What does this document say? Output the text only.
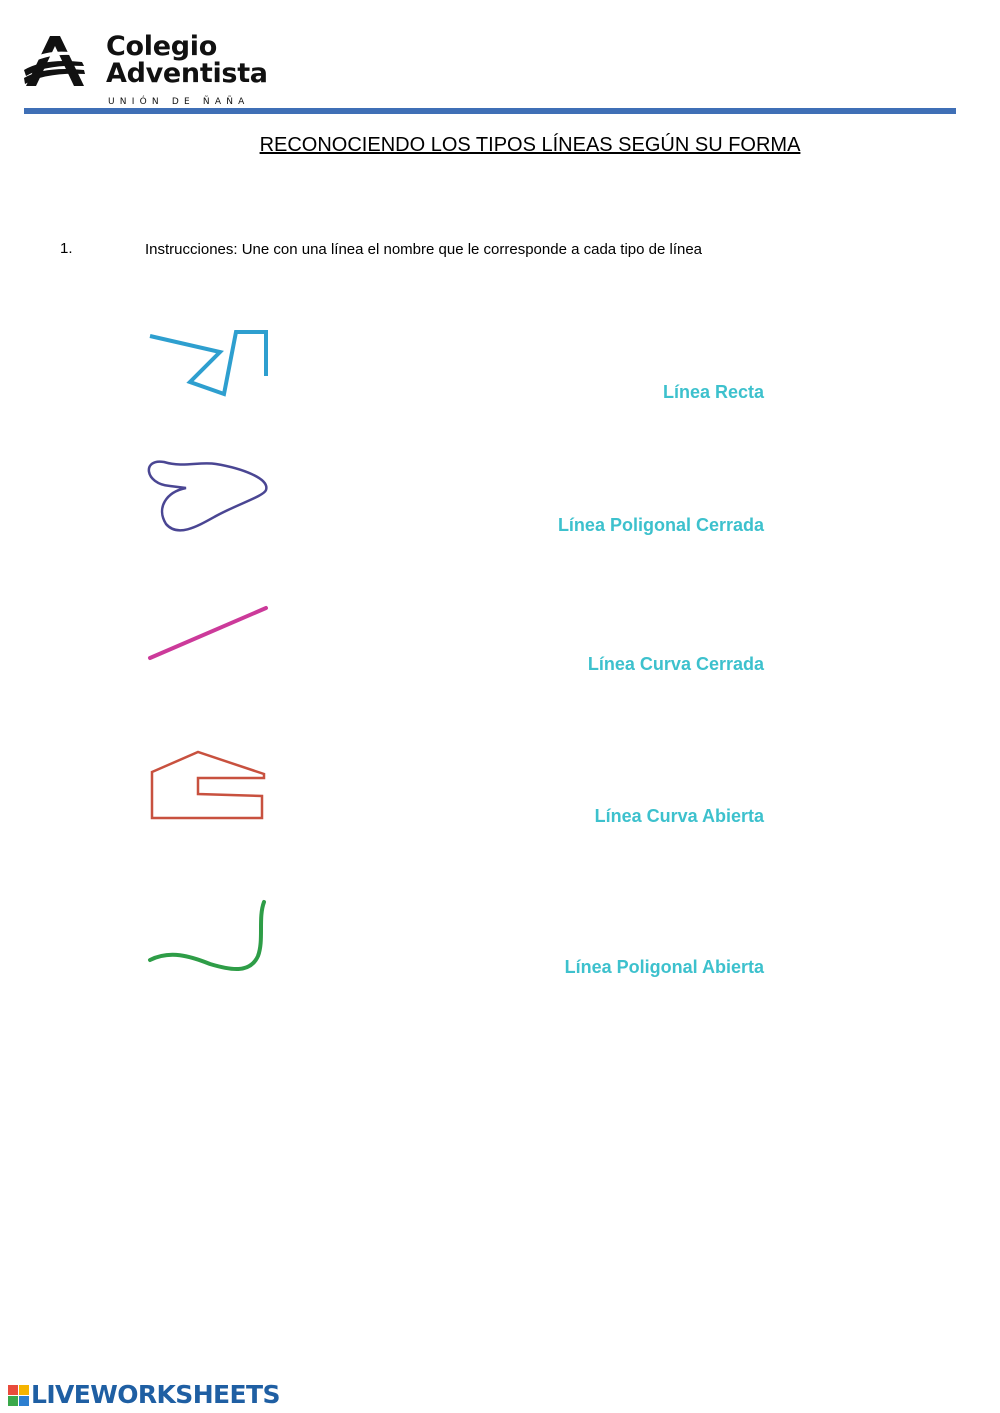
Colegio
Adventista
UNIÓN DE ÑAÑA
RECONOCIENDO LOS TIPOS LÍNEAS SEGÚN SU FORMA
1.	Instrucciones: Une con una línea el nombre que le corresponde a cada tipo de línea
Línea Recta
Línea Poligonal Cerrada
Línea Curva Cerrada
Línea Curva Abierta
Línea Poligonal Abierta
LIVEWORKSHEETS
